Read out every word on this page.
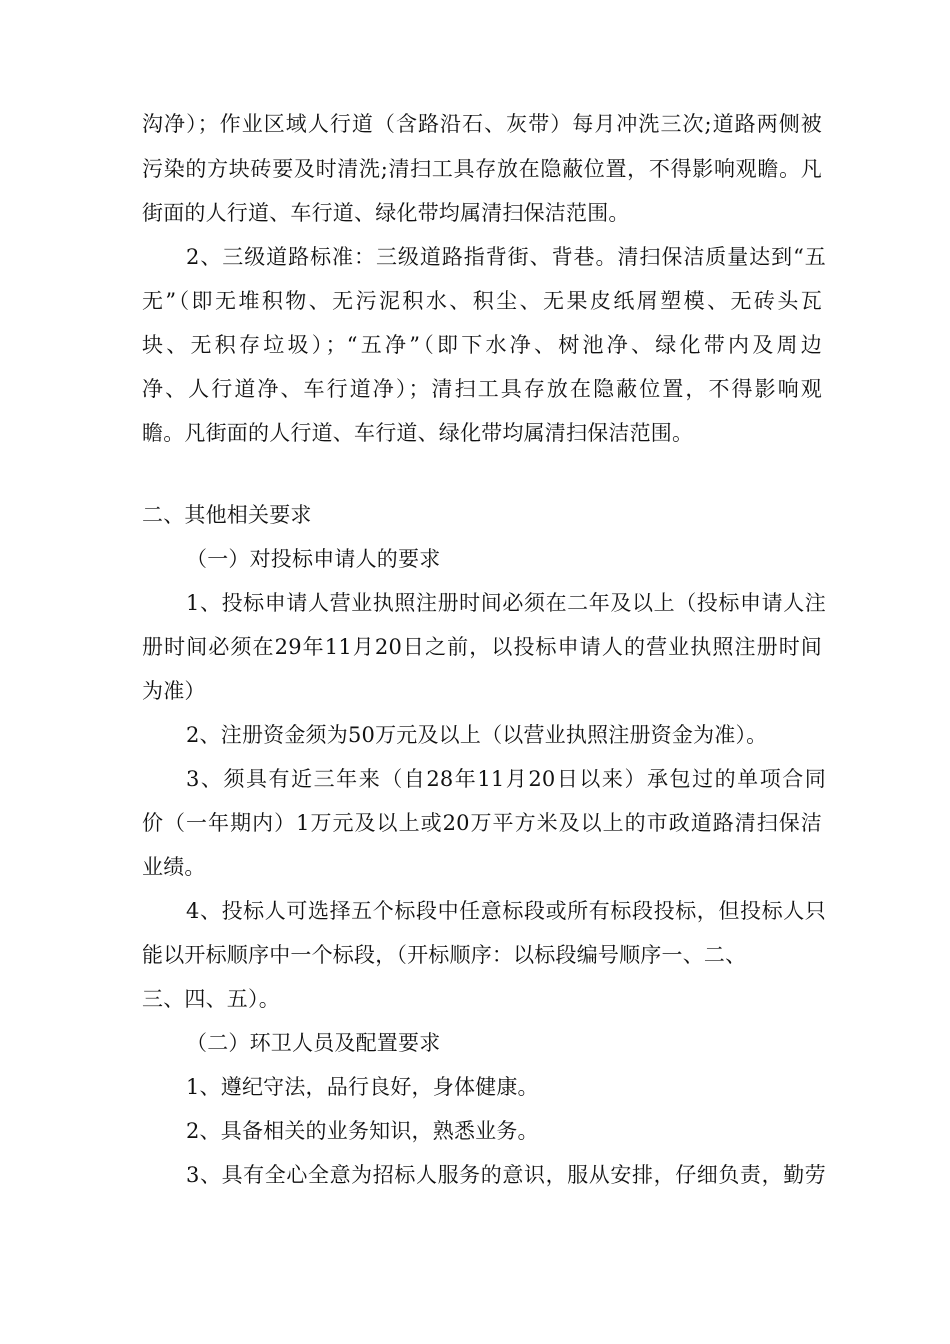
沟净）；作业区域人行道（含路沿石、灰带）每月冲洗三次;道路两侧被
污染的方块砖要及时清洗;清扫工具存放在隐蔽位置，不得影响观瞻。凡
街面的人行道、车行道、绿化带均属清扫保洁范围。
2、三级道路标准：三级道路指背街、背巷。清扫保洁质量达到“五
无”（即无堆积物、无污泥积水、积尘、无果皮纸屑塑模、无砖头瓦
块、无积存垃圾）；“五净”（即下水净、树池净、绿化带内及周边
净、人行道净、车行道净）；清扫工具存放在隐蔽位置，不得影响观
瞻。凡街面的人行道、车行道、绿化带均属清扫保洁范围。
二、其他相关要求
（一）对投标申请人的要求
1、投标申请人营业执照注册时间必须在二年及以上（投标申请人注
册时间必须在29年11月20日之前，以投标申请人的营业执照注册时间
为准）
2、注册资金须为50万元及以上（以营业执照注册资金为准）。
3、须具有近三年来（自28年11月20日以来）承包过的单项合同
价（一年期内）1万元及以上或20万平方米及以上的市政道路清扫保洁
业绩。
4、投标人可选择五个标段中任意标段或所有标段投标，但投标人只
能以开标顺序中一个标段，（开标顺序：以标段编号顺序一、二、
三、四、五）。
（二）环卫人员及配置要求
1、遵纪守法，品行良好，身体健康。
2、具备相关的业务知识，熟悉业务。
3、具有全心全意为招标人服务的意识，服从安排，仔细负责，勤劳
